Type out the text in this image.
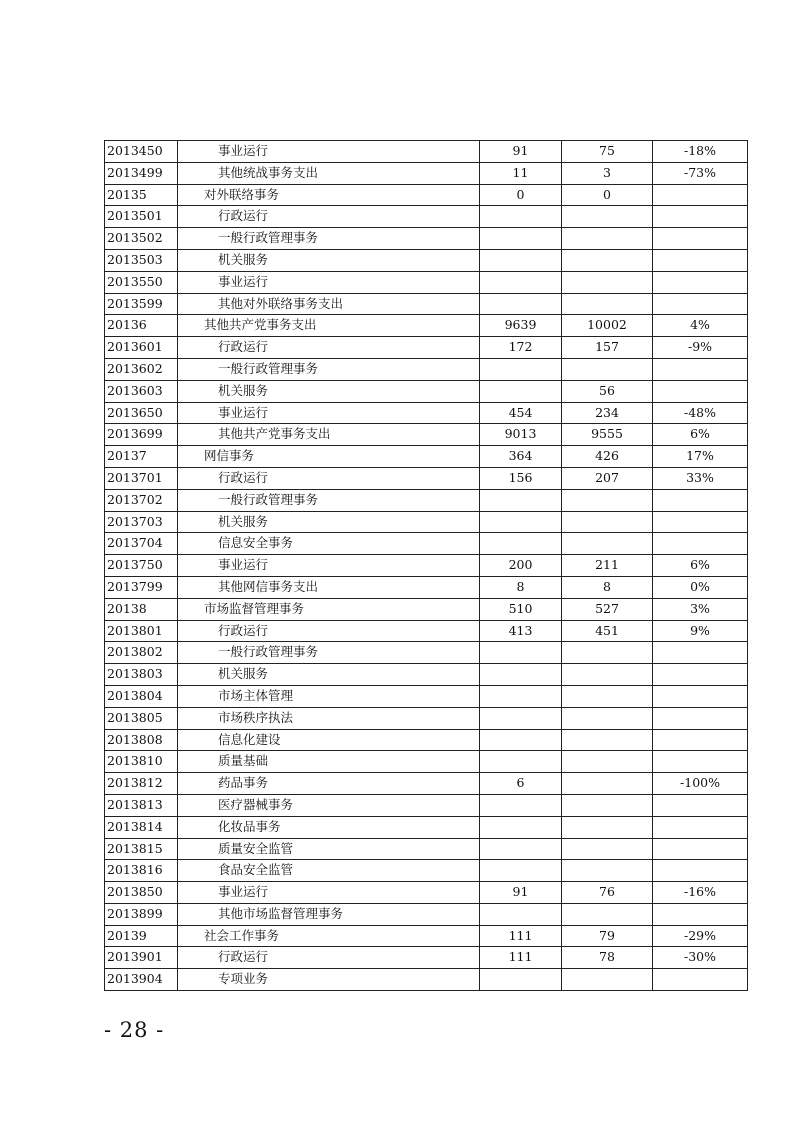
2013450	事业运行	91	75	-18%
2013499	其他统战事务支出	11	3	-73%
20135	对外联络事务	0	0	
2013501	行政运行			
2013502	一般行政管理事务			
2013503	机关服务			
2013550	事业运行			
2013599	其他对外联络事务支出			
20136	其他共产党事务支出	9639	10002	4%
2013601	行政运行	172	157	-9%
2013602	一般行政管理事务			
2013603	机关服务		56	
2013650	事业运行	454	234	-48%
2013699	其他共产党事务支出	9013	9555	6%
20137	网信事务	364	426	17%
2013701	行政运行	156	207	33%
2013702	一般行政管理事务			
2013703	机关服务			
2013704	信息安全事务			
2013750	事业运行	200	211	6%
2013799	其他网信事务支出	8	8	0%
20138	市场监督管理事务	510	527	3%
2013801	行政运行	413	451	9%
2013802	一般行政管理事务			
2013803	机关服务			
2013804	市场主体管理			
2013805	市场秩序执法			
2013808	信息化建设			
2013810	质量基础			
2013812	药品事务	6		-100%
2013813	医疗器械事务			
2013814	化妆品事务			
2013815	质量安全监管			
2013816	食品安全监管			
2013850	事业运行	91	76	-16%
2013899	其他市场监督管理事务			
20139	社会工作事务	111	79	-29%
2013901	行政运行	111	78	-30%
2013904	专项业务			
- 28 -
